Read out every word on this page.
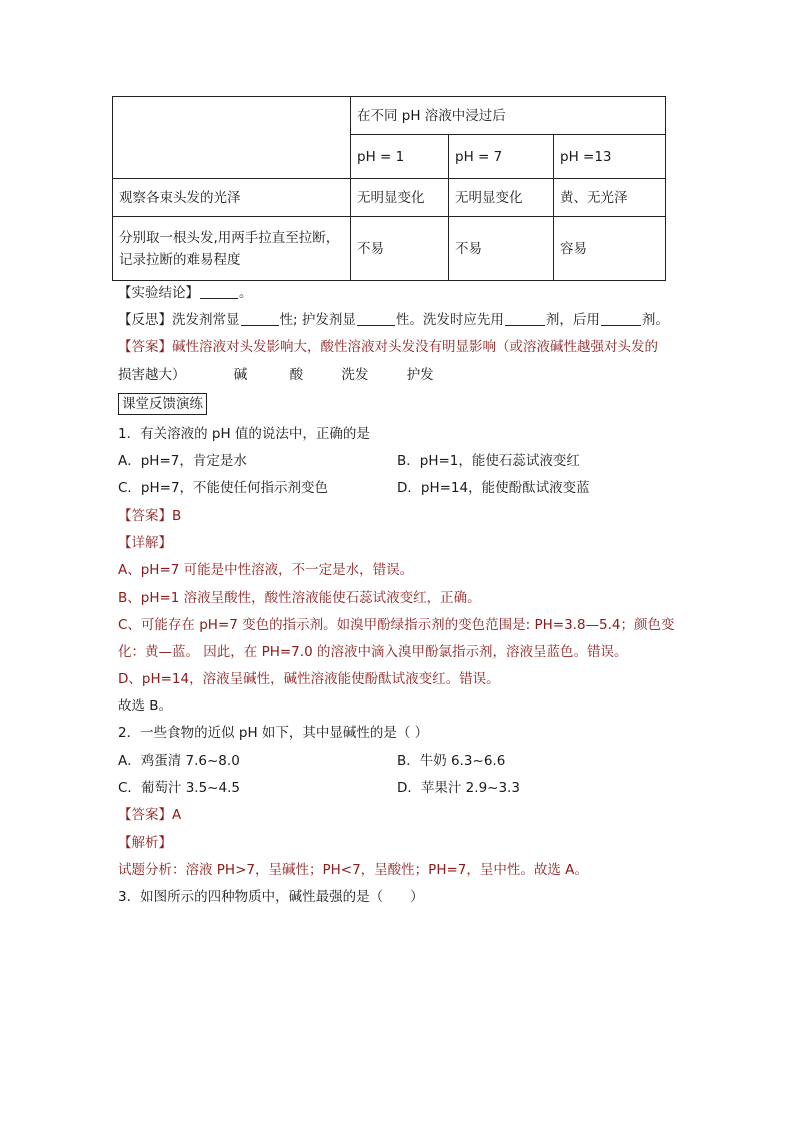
	在不同 pH 溶液中浸过后		
	pH = 1	pH = 7	pH =13
观察各束头发的光泽	无明显变化	无明显变化	黄、无光泽

分别取一根头发,用两手拉直至拉断，
记录拉断的难易程度	不易	不易	容易
【实验结论】	。
【反思】洗发剂常显	性; 护发剂显	性。洗发时应先用	剂，后用	剂。
【答案】碱性溶液对头发影响大，酸性溶液对头发没有明显影响（或溶液碱性越强对头发的
损害越大）	碱	酸	洗发	护发
课堂反馈演练
1．有关溶液的 pH 值的说法中，正确的是
A．pH=7，肯定是水	B．pH=1，能使石蕊试液变红
C．pH=7，不能使任何指示剂变色	D．pH=14，能使酚酞试液变蓝
【答案】B
【详解】
A、pH=7 可能是中性溶液，不一定是水，错误。
B、pH=1 溶液呈酸性，酸性溶液能使石蕊试液变红，正确。
C、可能存在 pH=7 变色的指示剂。如溴甲酚绿指示剂的变色范围是: PH=3.8—5.4；颜色变
化：黄—蓝。 因此，在 PH=7.0 的溶液中滴入溴甲酚氯指示剂，溶液呈蓝色。错误。
D、pH=14，溶液呈碱性，碱性溶液能使酚酞试液变红。错误。
故选 B。
2．一些食物的近似 pH 如下，其中显碱性的是（ ）
A．鸡蛋清 7.6~8.0	B．牛奶 6.3~6.6
C．葡萄汁 3.5~4.5	D．苹果汁 2.9~3.3
【答案】A
【解析】
试题分析：溶液 PH>7，呈碱性；PH<7，呈酸性；PH=7，呈中性。故选 A。
3．如图所示的四种物质中，碱性最强的是（　　）
